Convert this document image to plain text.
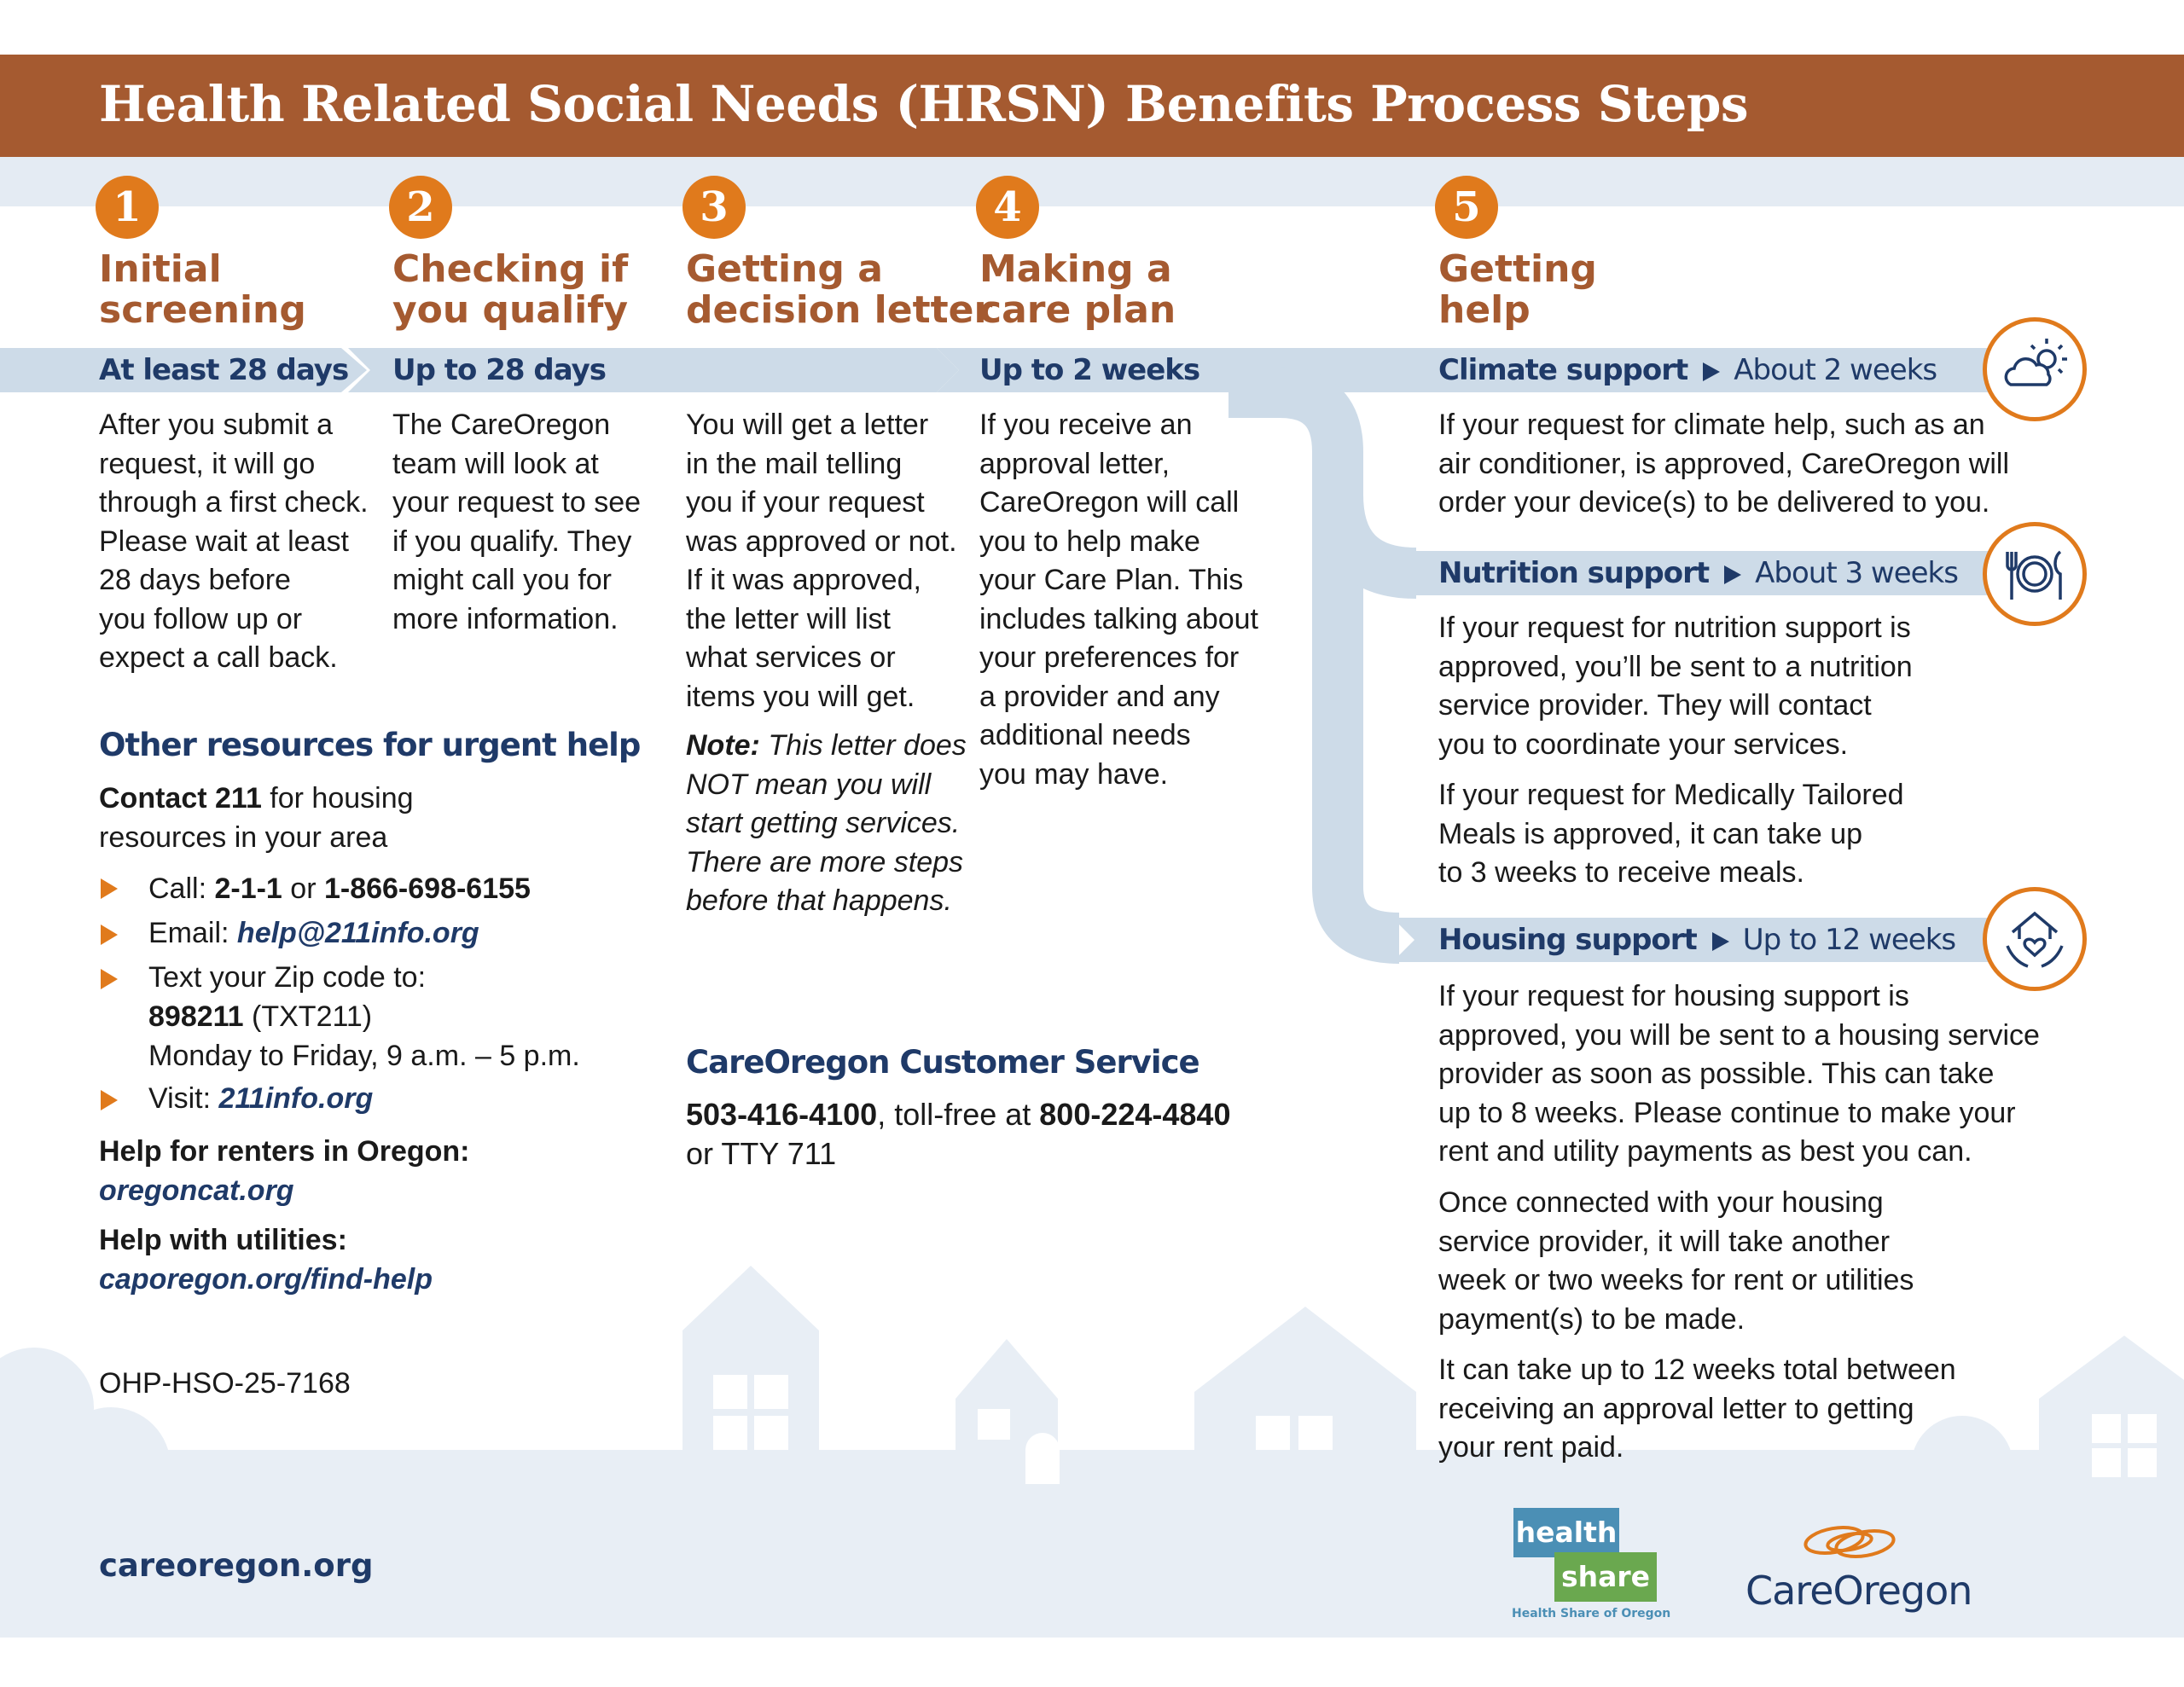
Health Related Social Needs (HRSN) Benefits Process Steps
1	2	3	4	5
Initial
screening
Checking if
you qualify
Getting a
decision letter
Making a
care plan
Getting
help
At least 28 days Up to 28 days	Up to 2 weeks
After you submit a
request, it will go
through a first check.
Please wait at least
28 days before
you follow up or
expect a call back.
The CareOregon
team will look at
your request to see
if you qualify. They
might call you for
more information.
You will get a letter
in the mail telling
you if your request
was approved or not.
If it was approved,
the letter will list
what services or
items you will get.
Note: This letter does
NOT mean you will
start getting services.
There are more steps
before that happens.
If you receive an
approval letter,
CareOregon will call
you to help make
your Care Plan. This
includes talking about
your preferences for
a provider and any
additional needs
you may have.
Climate support About 2 weeks
Nutrition support About 3 weeks
Housing support Up to 12 weeks
If your request for climate help, such as an
air conditioner, is approved, CareOregon will
order your device(s) to be delivered to you.
If your request for nutrition support is
approved, you’ll be sent to a nutrition
service provider. They will contact
you to coordinate your services.
If your request for Medically Tailored
Meals is approved, it can take up
to 3 weeks to receive meals.
If your request for housing support is
approved, you will be sent to a housing service
provider as soon as possible. This can take
up to 8 weeks. Please continue to make your
rent and utility payments as best you can.
Once connected with your housing
service provider, it will take another
week or two weeks for rent or utilities
payment(s) to be made.
It can take up to 12 weeks total between
receiving an approval letter to getting
your rent paid.
Other resources for urgent help
Contact 211 for housing
resources in your area
Call: 2-1-1 or 1-866-698-6155
Email: help@211info.org
Text your Zip code to:
898211 (TXT211)
Monday to Friday, 9 a.m. – 5 p.m.
Visit: 211info.org
Help for renters in Oregon:
oregoncat.org
Help with utilities:
caporegon.org/find-help
OHP-HSO-25-7168
CareOregon Customer Service
503-416-4100, toll-free at 800-224-4840
or TTY 711
careoregon.org
health
share
Health Share of Oregon CareOregon
